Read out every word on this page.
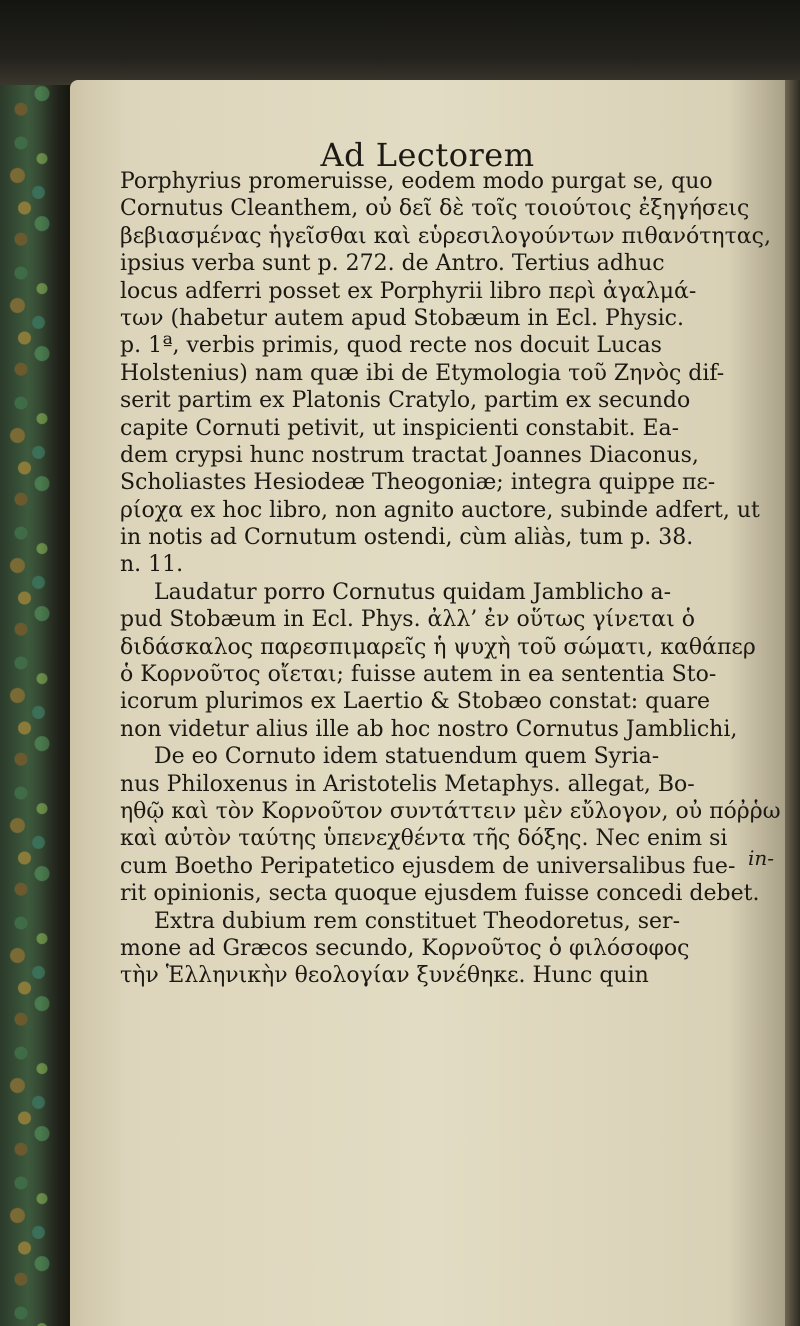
Ad Lectorem
Porphyrius promeruisse, eodem modo purgat se, quo
Cornutus Cleanthem, οὐ δεῖ δὲ τοῖς τοιούτοις ἐξηγήσεις
βεβιασμένας ἡγεῖσθαι καὶ εὑρεσιλογούντων πιθανότητας,
ipsius verba sunt p. 272. de Antro. Tertius adhuc
locus adferri posset ex Porphyrii libro περὶ ἀγαλμά-
των (habetur autem apud Stobæum in Ecl. Physic.
p. 1ª, verbis primis, quod recte nos docuit Lucas
Holstenius) nam quæ ibi de Etymologia τοῦ Ζηνὸς dif-
serit partim ex Platonis Cratylo, partim ex secundo
capite Cornuti petivit, ut inspicienti constabit. Ea-
dem crypsi hunc nostrum tractat Joannes Diaconus,
Scholiastes Hesiodeæ Theogoniæ; integra quippe πε-
ρίοχα ex hoc libro, non agnito auctore, subinde adfert, ut
in notis ad Cornutum ostendi, cùm aliàs, tum p. 38.
n. 11.
Laudatur porro Cornutus quidam Jamblicho a-
pud Stobæum in Ecl. Phys. ἀλλ’ ἐν οὕτως γίνεται ὁ
διδάσκαλος παρεσπιμαρεῖς ἡ ψυχὴ τοῦ σώματι, καθάπερ
ὁ Κορνοῦτος οἴεται; fuisse autem in ea sententia Sto-
icorum plurimos ex Laertio & Stobæo constat: quare
non videtur alius ille ab hoc nostro Cornutus Jamblichi,
De eo Cornuto idem statuendum quem Syria-
nus Philoxenus in Aristotelis Metaphys. allegat, Bo-
ηθῷ καὶ τὸν Κορνοῦτον συντάττειν μὲν εὔλογον, οὐ πόῤῥω
καὶ αὐτὸν ταύτης ὑπενεχθέντα τῆς δόξης. Nec enim si
cum Boetho Peripatetico ejusdem de universalibus fue-
rit opinionis, secta quoque ejusdem fuisse concedi debet.
Extra dubium rem constituet Theodoretus, ser-
mone ad Græcos secundo, Κορνοῦτος ὁ φιλόσοφος
τὴν Ἑλληνικὴν θεολογίαν ξυνέθηκε. Hunc quin
in-
